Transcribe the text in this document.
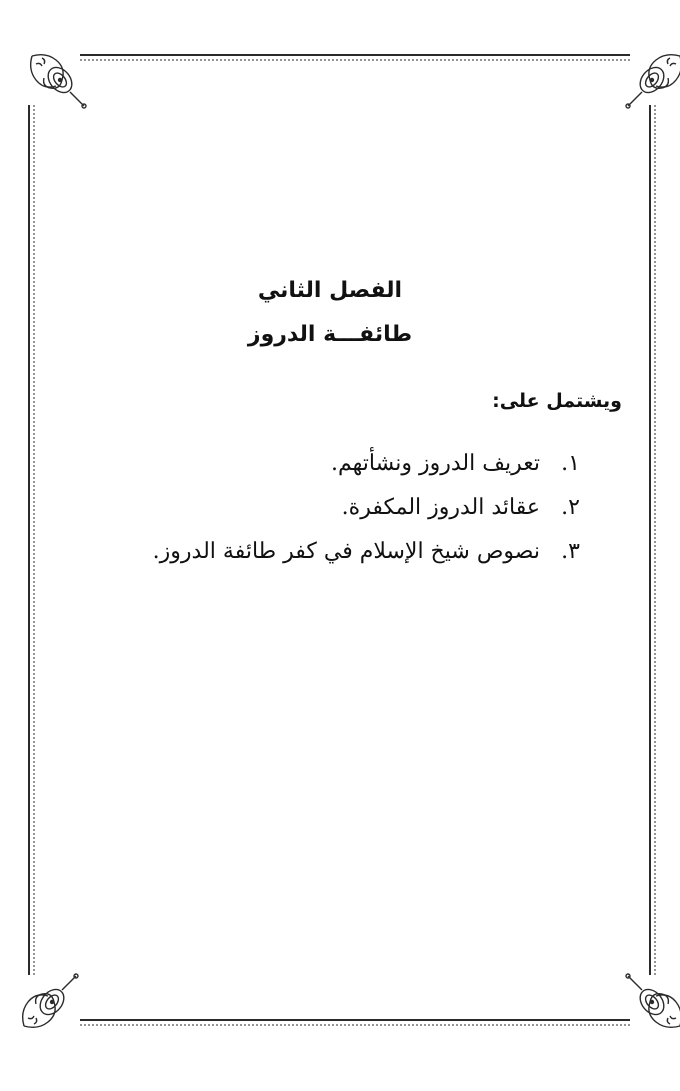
الفصل الثاني
طائفـــة الدروز
ويشتمل على:
١.
تعريف الدروز ونشأتهم.
٢.
عقائد الدروز المكفرة.
٣.
نصوص شيخ الإسلام في كفر طائفة الدروز.
